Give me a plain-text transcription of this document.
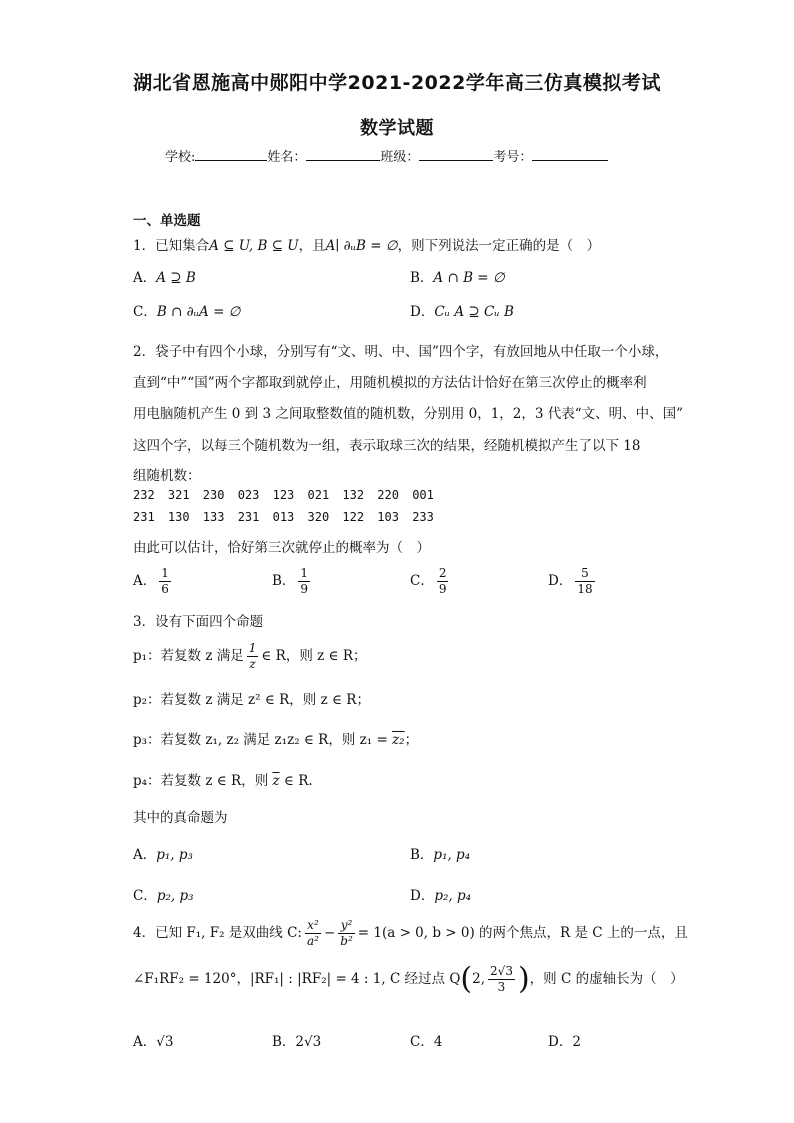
湖北省恩施高中郧阳中学2021-2022学年高三仿真模拟考试
数学试题
学校:	姓名：	班级：	考号：
一、单选题
1．已知集合A ⊆ U, B ⊆ U，且A∣ ∂ᵤB = ∅，则下列说法一定正确的是（　）
A．A ⊇ B	B．A ∩ B = ∅
C．B ∩ ∂ᵤA = ∅	D．Cᵤ A ⊇ Cᵤ B
2．袋子中有四个小球，分别写有“文、明、中、国”四个字，有放回地从中任取一个小球，
直到“中”“国”两个字都取到就停止，用随机模拟的方法估计恰好在第三次停止的概率利
用电脑随机产生 0 到 3 之间取整数值的随机数，分别用 0，1，2，3 代表“文、明、中、国”
这四个字，以每三个随机数为一组，表示取球三次的结果，经随机模拟产生了以下 18
组随机数：
232 321 230 023 123 021 132 220 001
231 130 133 231 013 320 122 103 233
由此可以估计，恰好第三次就停止的概率为（　）
A． $\frac{1}{6}$	B． $\frac{1}{9}$	C． $\frac{2}{9}$	D． $\frac{5}{18}$
3．设有下面四个命题
p₁：若复数 z 满足 $\frac{1}{z}$ ∈ R，则 z ∈ R；
p₂：若复数 z 满足 z² ∈ R，则 z ∈ R；
p₃：若复数 z₁, z₂ 满足 z₁z₂ ∈ R，则 z₁ = z₂；
p₄：若复数 z ∈ R，则 $\overline{z}$ ∈ R.
其中的真命题为
A．p₁, p₃	B．p₁, p₄
C．p₂, p₃	D．p₂, p₄
4．已知 F₁, F₂ 是双曲线 C: $\frac{\text{x²}}{\text{a²}} - \frac{\text{y²}}{\text{b²}} = 1(a > 0$, b > 0) 的两个焦点，R 是 C 上的一点，且
∠F₁RF₂ = 120°，|RF₁| : |RF₂| = 4 : 1, C 经过点 Q(2, $\frac{2√3}{3}$ )，则 C 的虚轴长为（　）
A．√3	B．2√3	C．4	D．2
